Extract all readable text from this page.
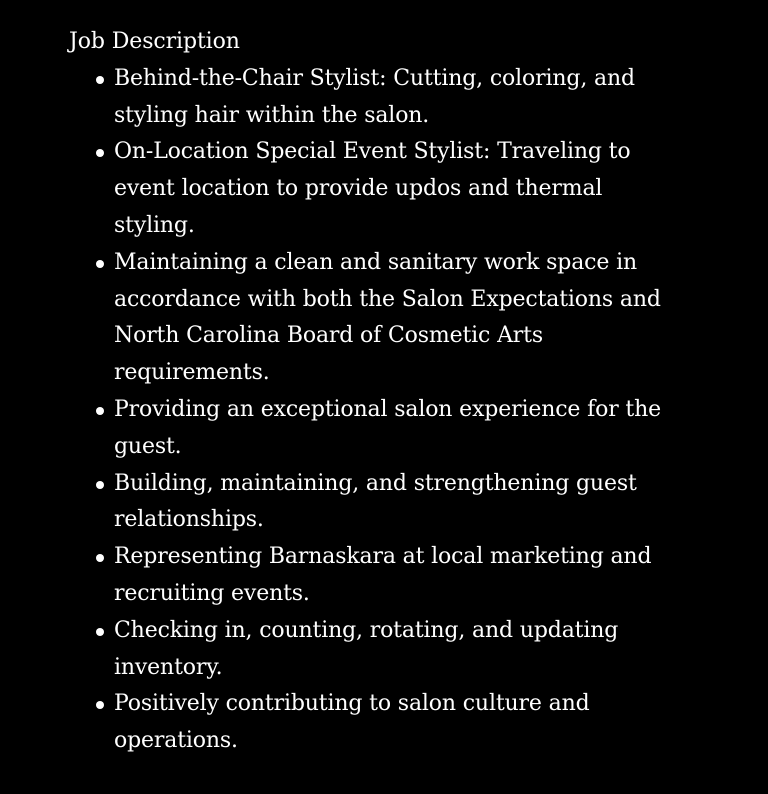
Job Description
Behind-the-Chair Stylist: Cutting, coloring, and styling hair within the salon.
On-Location Special Event Stylist: Traveling to event location to provide updos and thermal styling.
Maintaining a clean and sanitary work space in accordance with both the Salon Expectations and North Carolina Board of Cosmetic Arts requirements.
Providing an exceptional salon experience for the guest.
Building, maintaining, and strengthening guest relationships.
Representing Barnaskara at local marketing and recruiting events.
Checking in, counting, rotating, and updating inventory.
Positively contributing to salon culture and operations.
